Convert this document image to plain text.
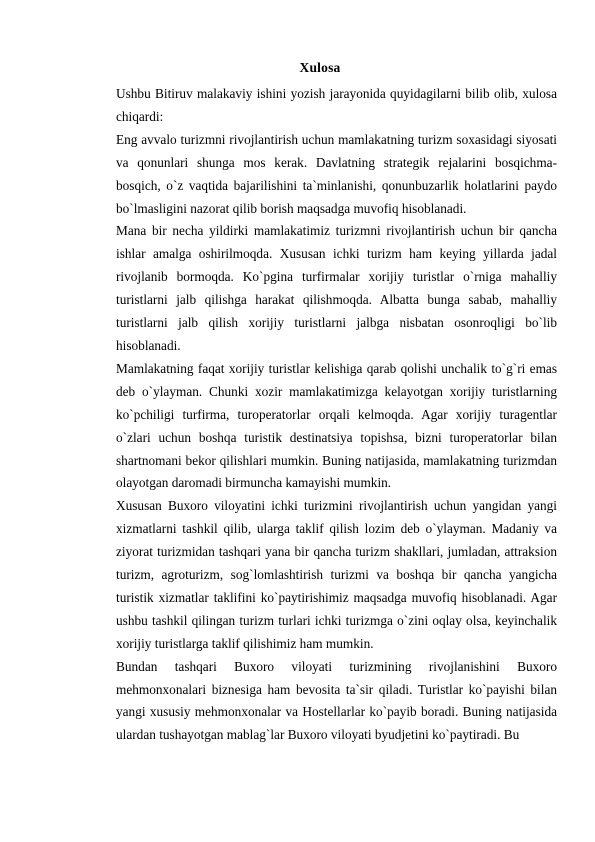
Xulosa

Ushbu Bitiruv malakaviy ishini yozish jarayonida quyidagilarni bilib olib, xulosa chiqardi:

Eng avvalo turizmni rivojlantirish uchun mamlakatning turizm soxasidagi siyosati va qonunlari shunga mos kerak. Davlatning strategik rejalarini bosqichma-bosqich, o`z vaqtida bajarilishini ta`minlanishi, qonunbuzarlik holatlarini paydo bo`lmasligini nazorat qilib borish maqsadga muvofiq hisoblanadi.

Mana bir necha yildirki mamlakatimiz turizmni rivojlantirish uchun bir qancha ishlar amalga oshirilmoqda. Xususan ichki turizm ham keying yillarda jadal rivojlanib bormoqda. Ko`pgina turfirmalar xorijiy turistlar o`rniga mahalliy turistlarni jalb qilishga harakat qilishmoqda. Albatta bunga sabab, mahalliy turistlarni jalb qilish xorijiy turistlarni jalbga nisbatan osonroqligi bo`lib hisoblanadi.

Mamlakatning faqat xorijiy turistlar kelishiga qarab qolishi unchalik to`g`ri emas deb o`ylayman. Chunki xozir mamlakatimizga kelayotgan xorijiy turistlarning ko`pchiligi turfirma, turoperatorlar orqali kelmoqda. Agar xorijiy turagentlar o`zlari uchun boshqa turistik destinatsiya topishsa, bizni turoperatorlar bilan shartnomani bekor qilishlari mumkin. Buning natijasida, mamlakatning turizmdan olayotgan daromadi birmuncha kamayishi mumkin.

Xususan Buxoro viloyatini ichki turizmini rivojlantirish uchun yangidan yangi xizmatlarni tashkil qilib, ularga taklif qilish lozim deb o`ylayman. Madaniy va ziyorat turizmidan tashqari yana bir qancha turizm shakllari, jumladan, attraksion turizm, agroturizm, sog`lomlashtirish turizmi va boshqa bir qancha yangicha turistik xizmatlar taklifini ko`paytirishimiz maqsadga muvofiq hisoblanadi. Agar ushbu tashkil qilingan turizm turlari ichki turizmga o`zini oqlay olsa, keyinchalik xorijiy turistlarga taklif qilishimiz ham mumkin.

Bundan tashqari Buxoro viloyati turizmining rivojlanishini Buxoro mehmonxonalari biznesiga ham bevosita ta`sir qiladi. Turistlar ko`payishi bilan yangi xususiy mehmonxonalar va Hostellarlar ko`payib boradi. Buning natijasida ulardan tushayotgan mablag`lar Buxoro viloyati byudjetini ko`paytiradi. Bu
